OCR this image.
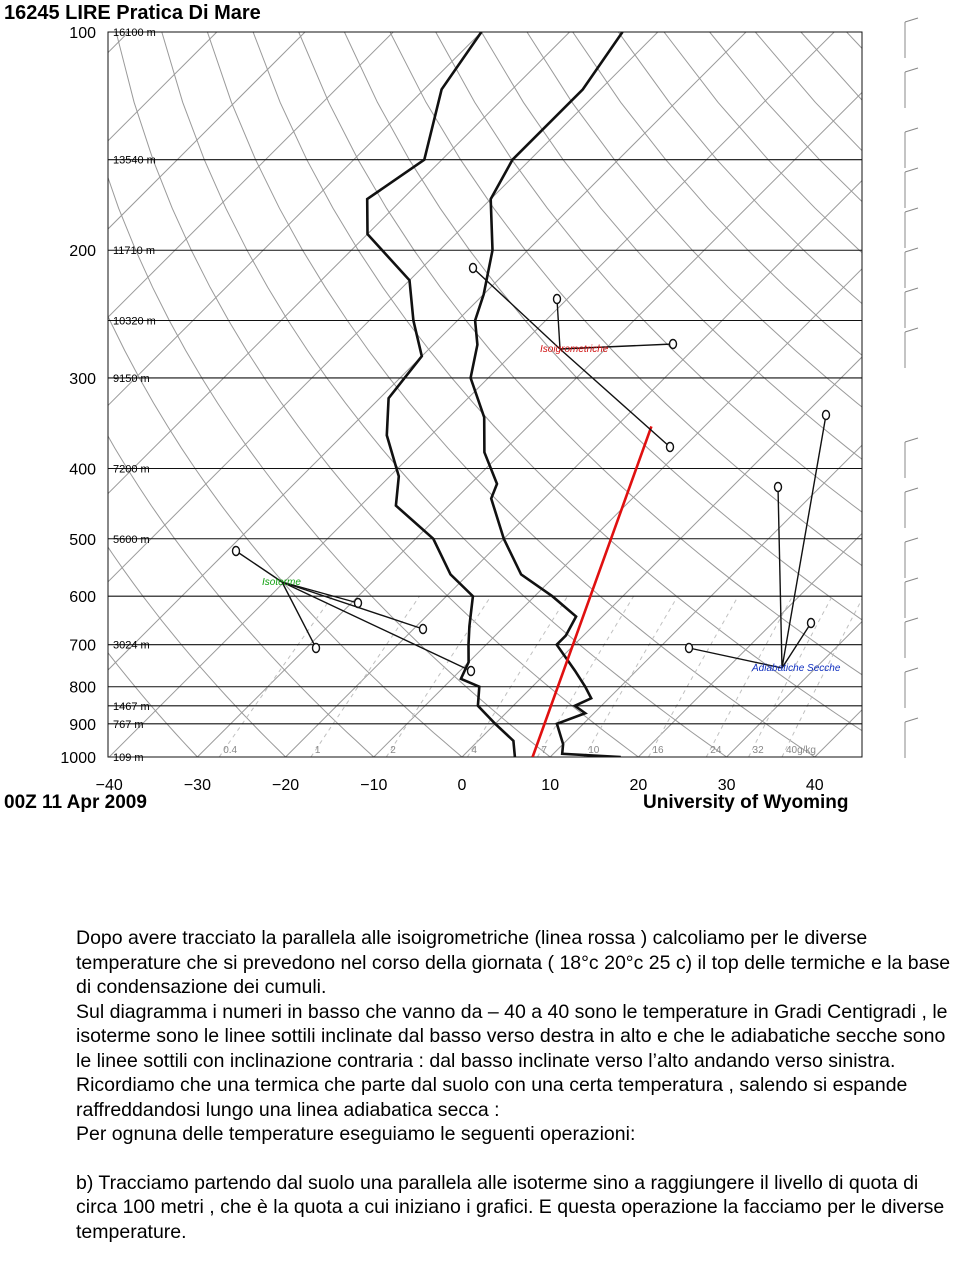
16245 LIRE Pratica Di Mare
Isoigrometriche
Isoterme
Adiabatiche Secche
100 16100 m
13540 m
200 11710 m
10320 m
300 9150 m
400 7200 m
500 5600 m
600
700 3024 m
800
1467 m
900 767 m
1000 109 m
−40	−30	−20	−10	0	10	20	30	40
0.4	1	2	4	7	10	16	24	32 40g/kg
00Z 11 Apr 2009	University of Wyoming

Dopo avere tracciato la parallela alle isoigrometriche (linea rossa ) calcoliamo per le diverse temperature che si prevedono nel corso della giornata ( 18°c 20°c 25 c) il top delle termiche e la base di condensazione dei cumuli.

Sul diagramma i numeri in basso che vanno da – 40 a 40 sono le temperature in Gradi Centigradi , le isoterme sono le linee sottili inclinate dal basso verso destra in alto e che le adiabatiche secche sono le linee sottili con inclinazione contraria : dal basso inclinate verso l’alto andando verso sinistra.

Ricordiamo che una termica che parte dal suolo con una certa temperatura , salendo si espande raffreddandosi lungo una linea adiabatica secca :

Per ognuna delle temperature eseguiamo le seguenti operazioni:

b) Tracciamo partendo dal suolo una parallela alle isoterme sino a raggiungere il livello di quota di circa 100 metri , che è la quota a cui iniziano i grafici. E questa operazione la facciamo per le diverse temperature.
